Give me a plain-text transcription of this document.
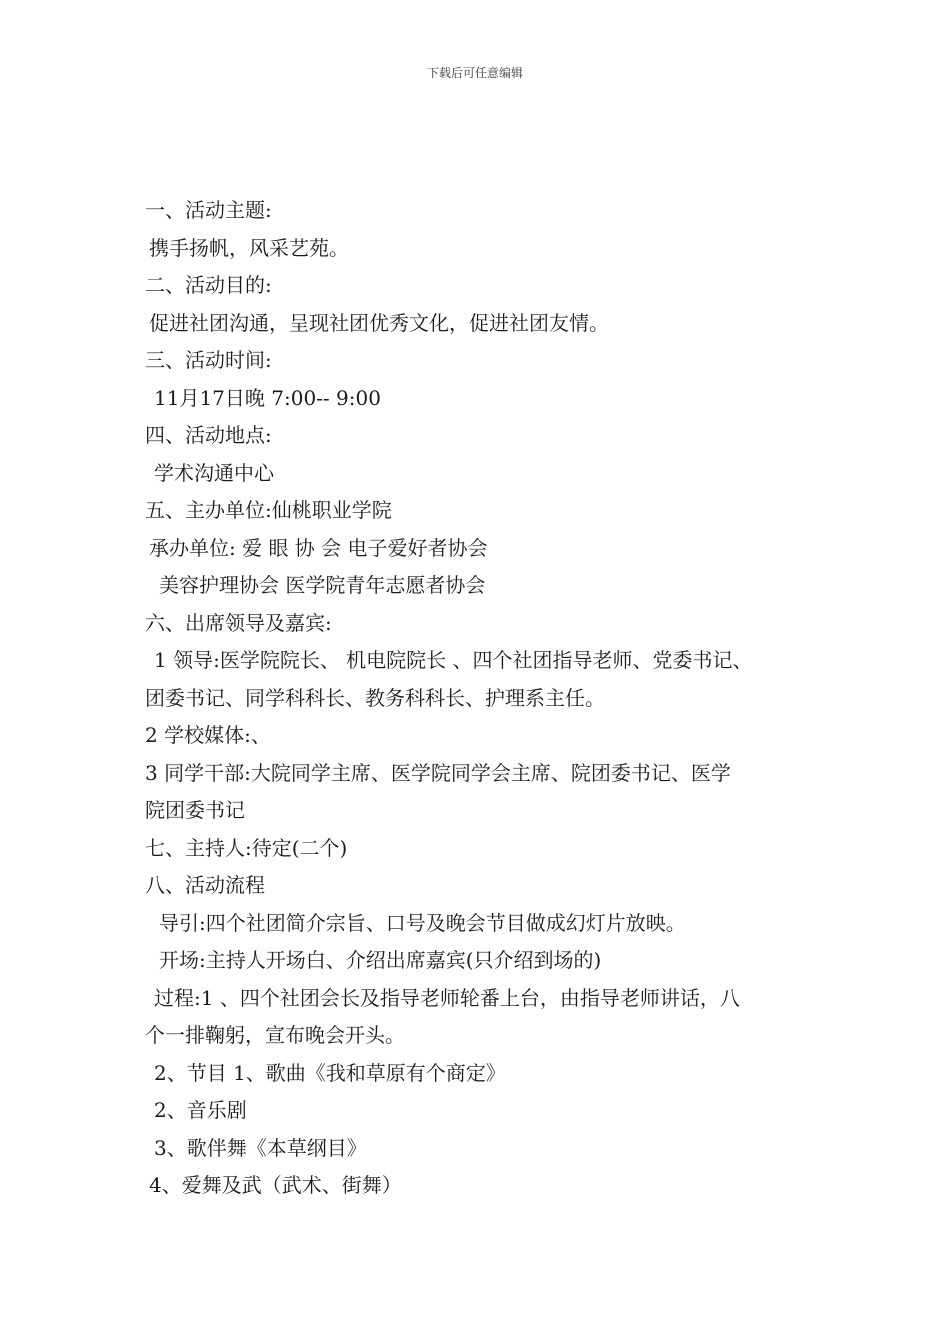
下载后可任意编辑
一、活动主题:
携手扬帆，风采艺苑。
二、活动目的:
促进社团沟通，呈现社团优秀文化，促进社团友情。
三、活动时间:
11月17日晚 7:00-- 9:00
四、活动地点:
学术沟通中心
五、主办单位:仙桃职业学院
承办单位: 爱 眼 协 会 电子爱好者协会
美容护理协会 医学院青年志愿者协会
六、出席领导及嘉宾:
1 领导:医学院院长、 机电院院长 、四个社团指导老师、党委书记、
团委书记、同学科科长、教务科科长、护理系主任。
2 学校媒体:、
3 同学干部:大院同学主席、医学院同学会主席、院团委书记、医学
院团委书记
七、主持人:待定(二个)
八、活动流程
导引:四个社团简介宗旨、口号及晚会节目做成幻灯片放映。
开场:主持人开场白、介绍出席嘉宾(只介绍到场的)
过程:1 、四个社团会长及指导老师轮番上台，由指导老师讲话，八
个一排鞠躬，宣布晚会开头。
2、节目 1、歌曲《我和草原有个商定》
2、音乐剧
3、歌伴舞《本草纲目》
4、爱舞及武（武术、街舞）
